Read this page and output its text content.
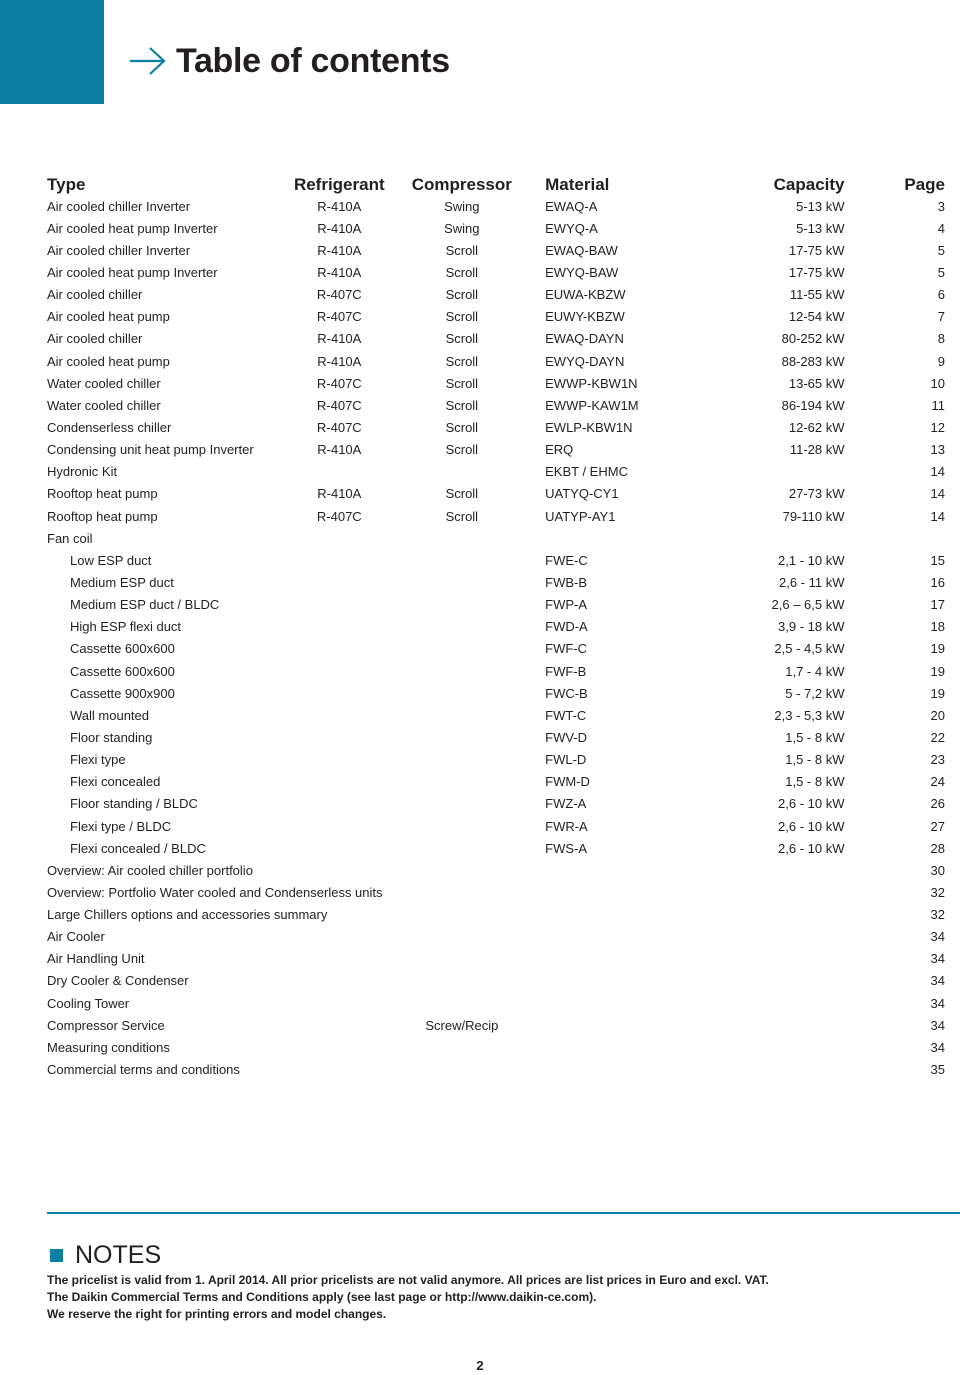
Table of contents
Type	Refrigerant	Compressor	Material	Capacity	Page
Air cooled chiller Inverter	R-410A	Swing	EWAQ-A	5-13 kW	3
Air cooled heat pump Inverter	R-410A	Swing	EWYQ-A	5-13 kW	4
Air cooled chiller Inverter	R-410A	Scroll	EWAQ-BAW	17-75 kW	5
Air cooled heat pump Inverter	R-410A	Scroll	EWYQ-BAW	17-75 kW	5
Air cooled chiller	R-407C	Scroll	EUWA-KBZW	11-55 kW	6
Air cooled heat pump	R-407C	Scroll	EUWY-KBZW	12-54 kW	7
Air cooled chiller	R-410A	Scroll	EWAQ-DAYN	80-252 kW	8
Air cooled heat pump	R-410A	Scroll	EWYQ-DAYN	88-283 kW	9
Water cooled chiller	R-407C	Scroll	EWWP-KBW1N	13-65 kW	10
Water cooled chiller	R-407C	Scroll	EWWP-KAW1M	86-194 kW	11
Condenserless chiller	R-407C	Scroll	EWLP-KBW1N	12-62 kW	12
Condensing unit heat pump Inverter	R-410A	Scroll	ERQ	11-28 kW	13
Hydronic Kit			EKBT / EHMC		14
Rooftop heat pump	R-410A	Scroll	UATYQ-CY1	27-73 kW	14
Rooftop heat pump	R-407C	Scroll	UATYP-AY1	79-110 kW	14
Fan coil					
Low ESP duct			FWE-C	2,1 - 10 kW	15
Medium ESP duct			FWB-B	2,6 - 11 kW	16
Medium ESP duct / BLDC			FWP-A	2,6 – 6,5 kW	17
High ESP flexi duct			FWD-A	3,9 - 18 kW	18
Cassette 600x600			FWF-C	2,5 - 4,5 kW	19
Cassette 600x600			FWF-B	1,7 - 4 kW	19
Cassette 900x900			FWC-B	5 - 7,2 kW	19
Wall mounted			FWT-C	2,3 - 5,3 kW	20
Floor standing			FWV-D	1,5 - 8 kW	22
Flexi type			FWL-D	1,5 - 8 kW	23
Flexi concealed			FWM-D	1,5 - 8 kW	24
Floor standing / BLDC			FWZ-A	2,6 - 10 kW	26
Flexi type / BLDC			FWR-A	2,6 - 10 kW	27
Flexi concealed / BLDC			FWS-A	2,6 - 10 kW	28
Overview: Air cooled chiller portfolio					30
Overview: Portfolio Water cooled and Condenserless units					32
Large Chillers options and accessories summary					32
Air Cooler					34
Air Handling Unit					34
Dry Cooler & Condenser					34
Cooling Tower					34
Compressor Service		Screw/Recip			34
Measuring conditions					34
Commercial terms and conditions					35
NOTES
The pricelist is valid from 1. April 2014. All prior pricelists are not valid anymore. All prices are list prices in Euro and excl. VAT.
The Daikin Commercial Terms and Conditions apply (see last page or http://www.daikin-ce.com).
We reserve the right for printing errors and model changes.
2
